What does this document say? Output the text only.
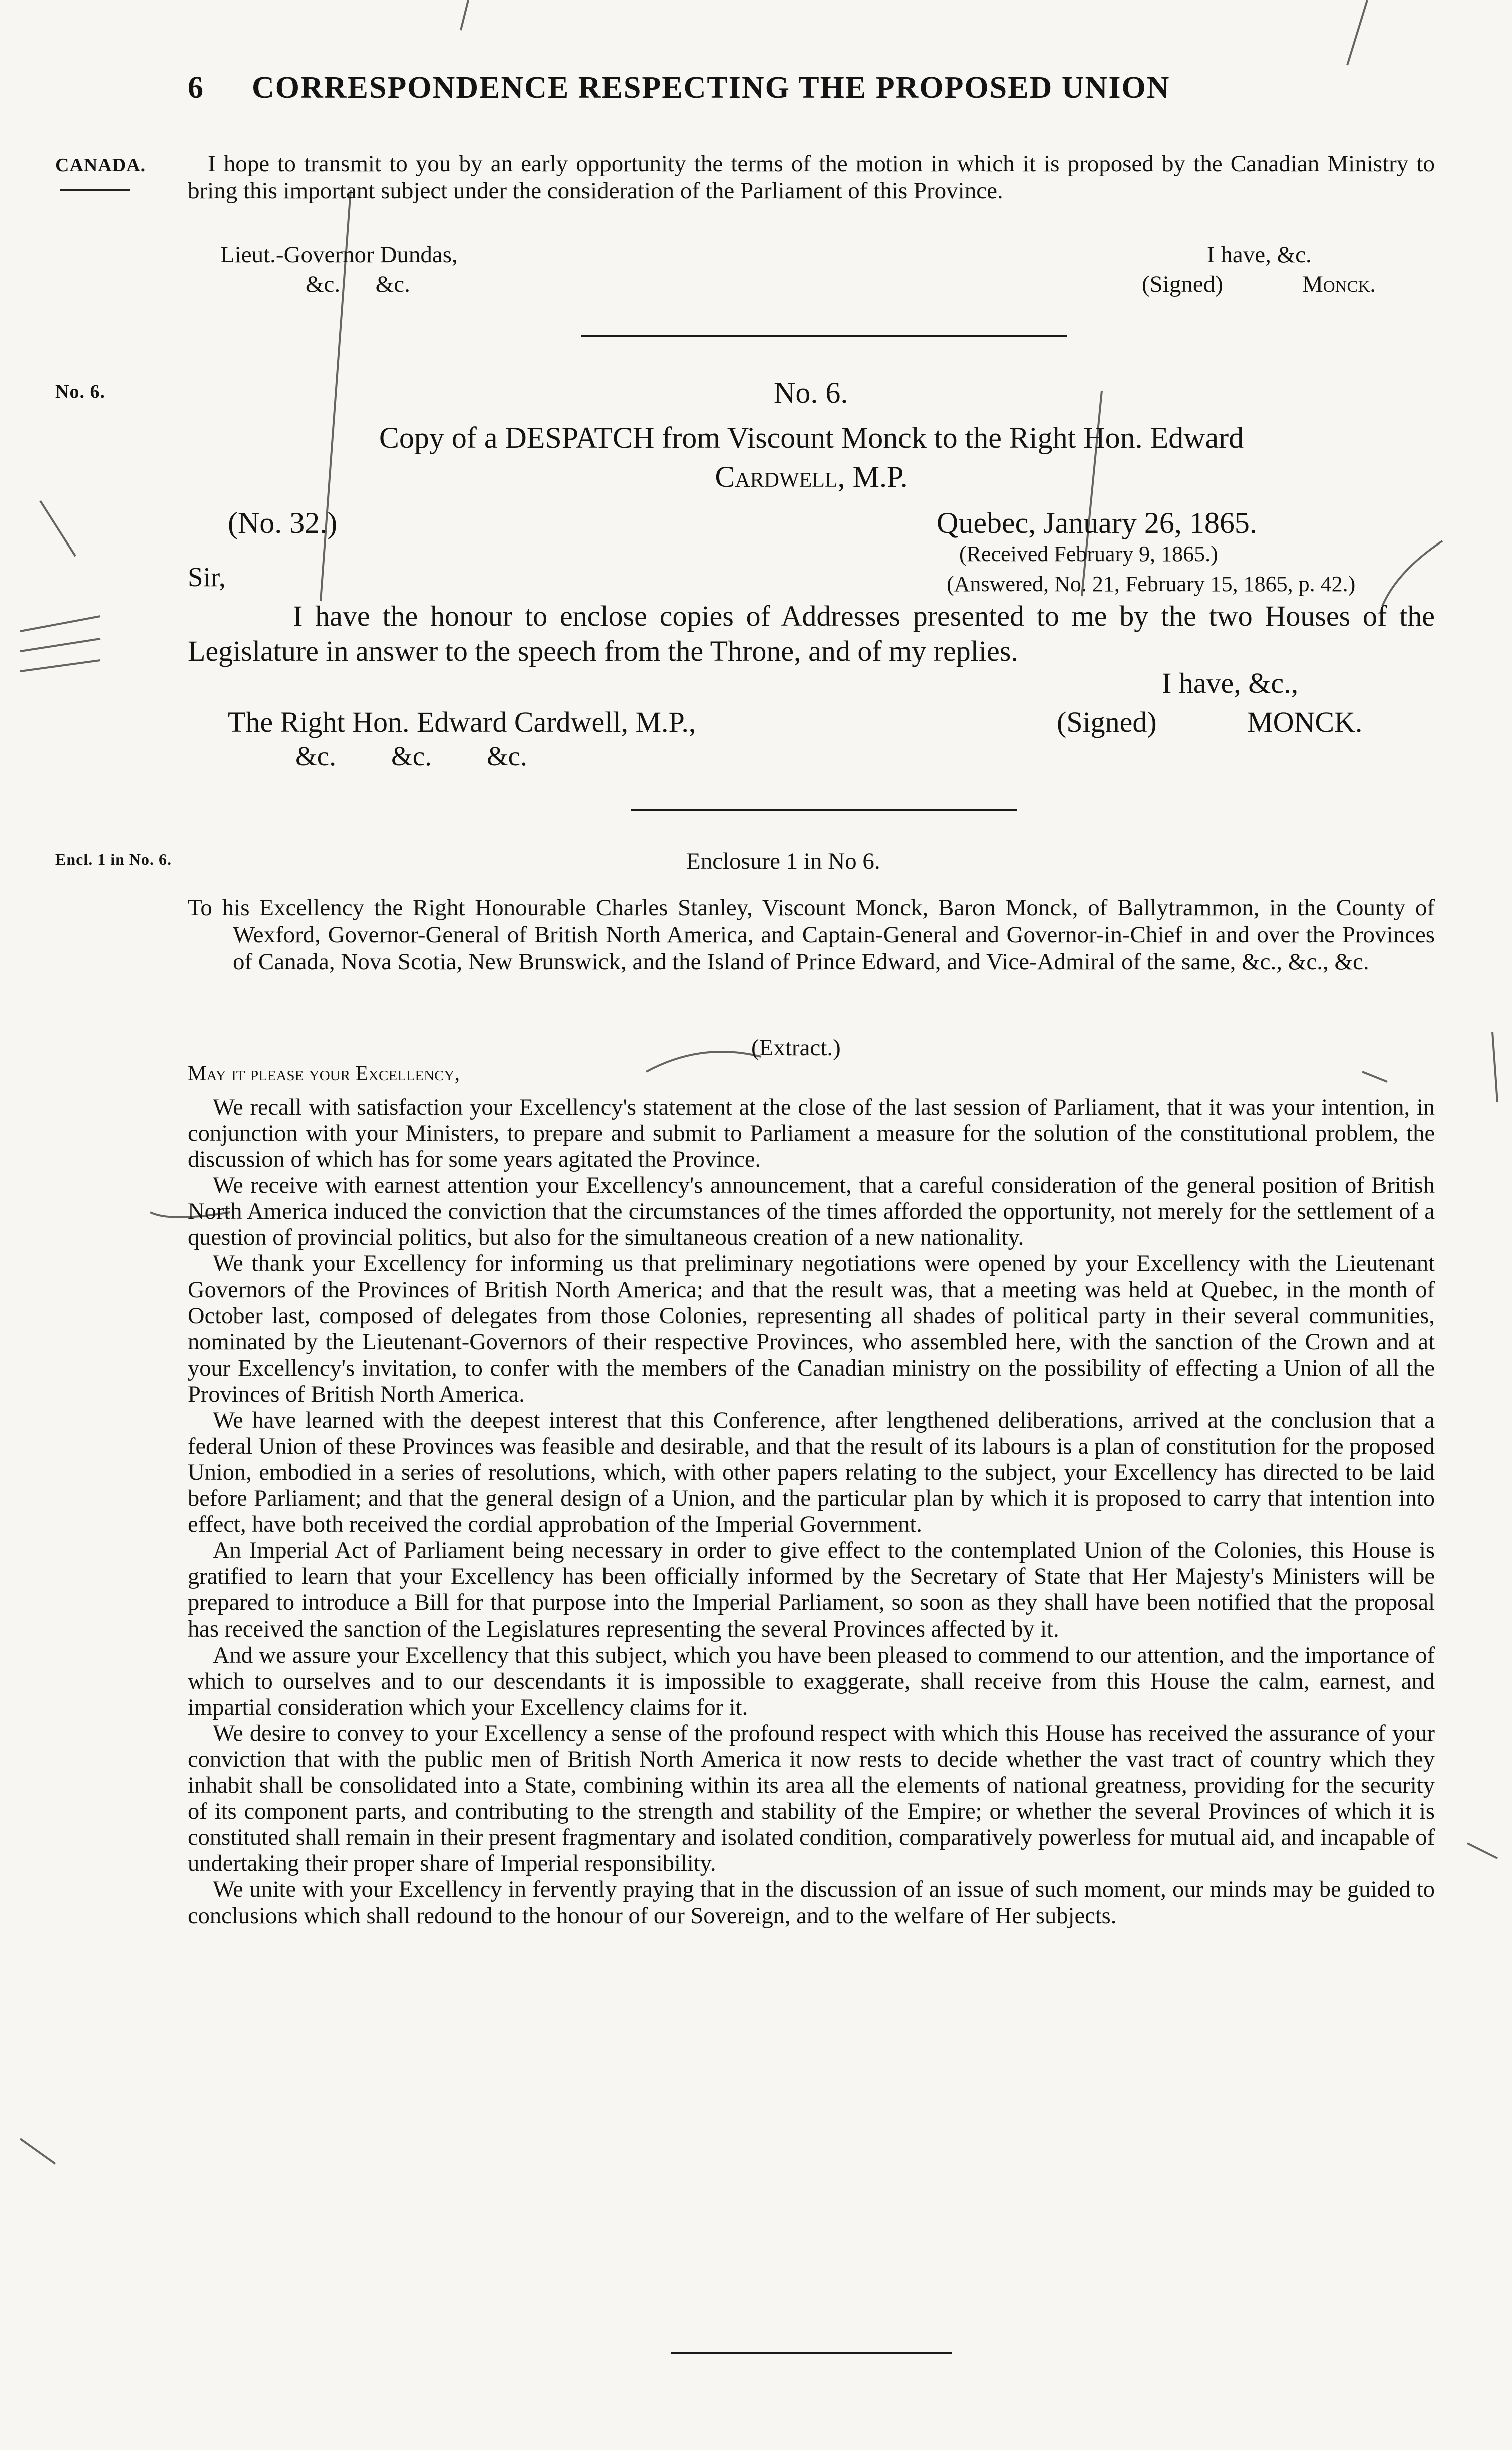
6 CORRESPONDENCE RESPECTING THE PROPOSED UNION
CANADA.
No. 6.
Encl. 1 in No. 6.
I hope to transmit to you by an early opportunity the terms of the motion in which it is proposed by the Canadian Ministry to bring this important subject under the consideration of the Parliament of this Province.
Lieut.-Governor Dundas,
&c.      &c.
I have, &c.
(Signed)	Monck.
No. 6.
Copy of a DESPATCH from Viscount Monck to the Right Hon. Edward
Cardwell, M.P.
(No. 32.)	Quebec, January 26, 1865.
(Received February 9, 1865.)
Sir,	(Answered, No. 21, February 15, 1865, p. 42.)
I have the honour to enclose copies of Addresses presented to me by the two Houses of the Legislature in answer to the speech from the Throne, and of my replies.
I have, &c.,
The Right Hon. Edward Cardwell, M.P.,	(Signed)	MONCK.
&c.        &c.        &c.
Enclosure 1 in No 6.
To his Excellency the Right Honourable Charles Stanley, Viscount Monck, Baron Monck, of Ballytrammon, in the County of Wexford, Governor-General of British North America, and Captain-General and Governor-in-Chief in and over the Provinces of Canada, Nova Scotia, New Brunswick, and the Island of Prince Edward, and Vice-Admiral of the same, &c., &c., &c.
(Extract.)
May it please your Excellency,

We recall with satisfaction your Excellency's statement at the close of the last session of Parliament, that it was your intention, in conjunction with your Ministers, to prepare and submit to Parliament a measure for the solution of the constitutional problem, the discussion of which has for some years agitated the Province.

We receive with earnest attention your Excellency's announcement, that a careful consideration of the general position of British North America induced the conviction that the circumstances of the times afforded the opportunity, not merely for the settlement of a question of provincial politics, but also for the simultaneous creation of a new nationality.

We thank your Excellency for informing us that preliminary negotiations were opened by your Excellency with the Lieutenant Governors of the Provinces of British North America; and that the result was, that a meeting was held at Quebec, in the month of October last, composed of delegates from those Colonies, representing all shades of political party in their several communities, nominated by the Lieutenant-Governors of their respective Provinces, who assembled here, with the sanction of the Crown and at your Excellency's invitation, to confer with the members of the Canadian ministry on the possibility of effecting a Union of all the Provinces of British North America.

We have learned with the deepest interest that this Conference, after lengthened deliberations, arrived at the conclusion that a federal Union of these Provinces was feasible and desirable, and that the result of its labours is a plan of constitution for the proposed Union, embodied in a series of resolutions, which, with other papers relating to the subject, your Excellency has directed to be laid before Parliament; and that the general design of a Union, and the particular plan by which it is proposed to carry that intention into effect, have both received the cordial approbation of the Imperial Government.

An Imperial Act of Parliament being necessary in order to give effect to the contemplated Union of the Colonies, this House is gratified to learn that your Excellency has been officially informed by the Secretary of State that Her Majesty's Ministers will be prepared to introduce a Bill for that purpose into the Imperial Parliament, so soon as they shall have been notified that the proposal has received the sanction of the Legislatures representing the several Provinces affected by it.

And we assure your Excellency that this subject, which you have been pleased to commend to our attention, and the importance of which to ourselves and to our descendants it is impossible to exaggerate, shall receive from this House the calm, earnest, and impartial consideration which your Excellency claims for it.

We desire to convey to your Excellency a sense of the profound respect with which this House has received the assurance of your conviction that with the public men of British North America it now rests to decide whether the vast tract of country which they inhabit shall be consolidated into a State, combining within its area all the elements of national greatness, providing for the security of its component parts, and contributing to the strength and stability of the Empire; or whether the several Provinces of which it is constituted shall remain in their present fragmentary and isolated condition, comparatively powerless for mutual aid, and incapable of undertaking their proper share of Imperial responsibility.

We unite with your Excellency in fervently praying that in the discussion of an issue of such moment, our minds may be guided to conclusions which shall redound to the honour of our Sovereign, and to the welfare of Her subjects.
